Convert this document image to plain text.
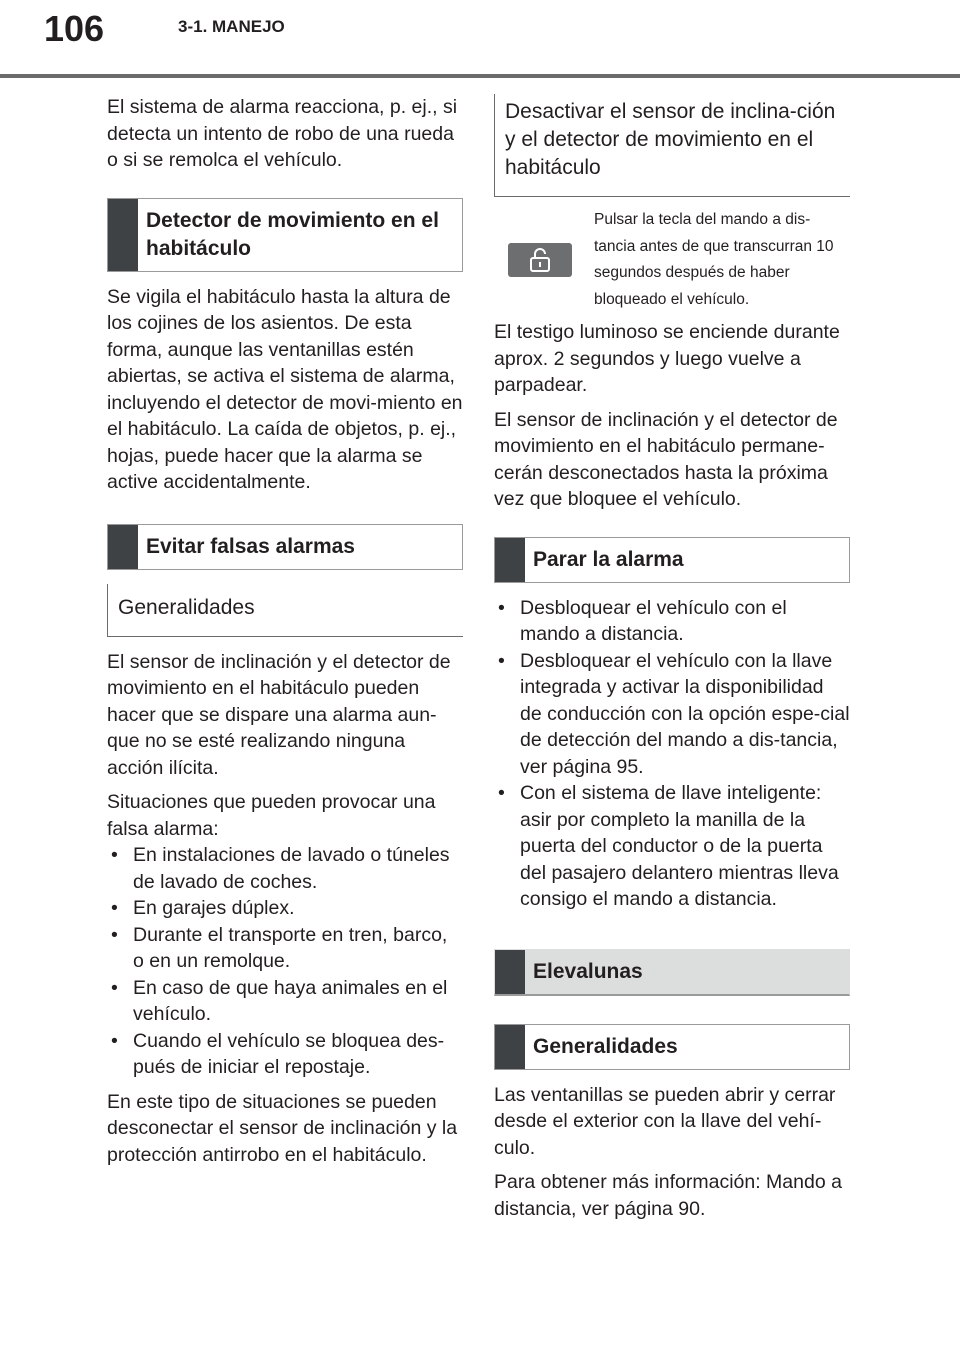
106	3-1. MANEJO

El sistema de alarma reacciona, p. ej., si detecta un intento de robo de una rueda o si se remolca el vehículo.

Detector de movimiento en el habitáculo

Se vigila el habitáculo hasta la altura de los cojines de los asientos. De esta forma, aunque las ventanillas estén abiertas, se activa el sistema de alarma, incluyendo el detector de movi-miento en el habitáculo. La caída de objetos, p. ej., hojas, puede hacer que la alarma se active accidentalmente.

Evitar falsas alarmas
Generalidades

El sensor de inclinación y el detector de movimiento en el habitáculo pueden hacer que se dispare una alarma aun-que no se esté realizando ninguna acción ilícita.

Situaciones que pueden provocar una falsa alarma:

• En instalaciones de lavado o túneles de lavado de coches.
• En garajes dúplex.
• Durante el transporte en tren, barco, o en un remolque.
• En caso de que haya animales en el vehículo.
• Cuando el vehículo se bloquea des-pués de iniciar el repostaje.

En este tipo de situaciones se pueden desconectar el sensor de inclinación y la protección antirrobo en el habitáculo.

Desactivar el sensor de inclina-ción y el detector de movimiento en el habitáculo
Pulsar la tecla del mando a dis-tancia antes de que transcurran 10 segundos después de haber bloqueado el vehículo.

El testigo luminoso se enciende durante aprox. 2 segundos y luego vuelve a parpadear.

El sensor de inclinación y el detector de movimiento en el habitáculo permane-cerán desconectados hasta la próxima vez que bloquee el vehículo.

Parar la alarma
• Desbloquear el vehículo con el mando a distancia.
• Desbloquear el vehículo con la llave integrada y activar la disponibilidad de conducción con la opción espe-cial de detección del mando a dis-tancia, ver página 95.
• Con el sistema de llave inteligente: asir por completo la manilla de la puerta del conductor o de la puerta del pasajero delantero mientras lleva consigo el mando a distancia.
Elevalunas
Generalidades

Las ventanillas se pueden abrir y cerrar desde el exterior con la llave del vehí-culo.

Para obtener más información: Mando a distancia, ver página 90.
